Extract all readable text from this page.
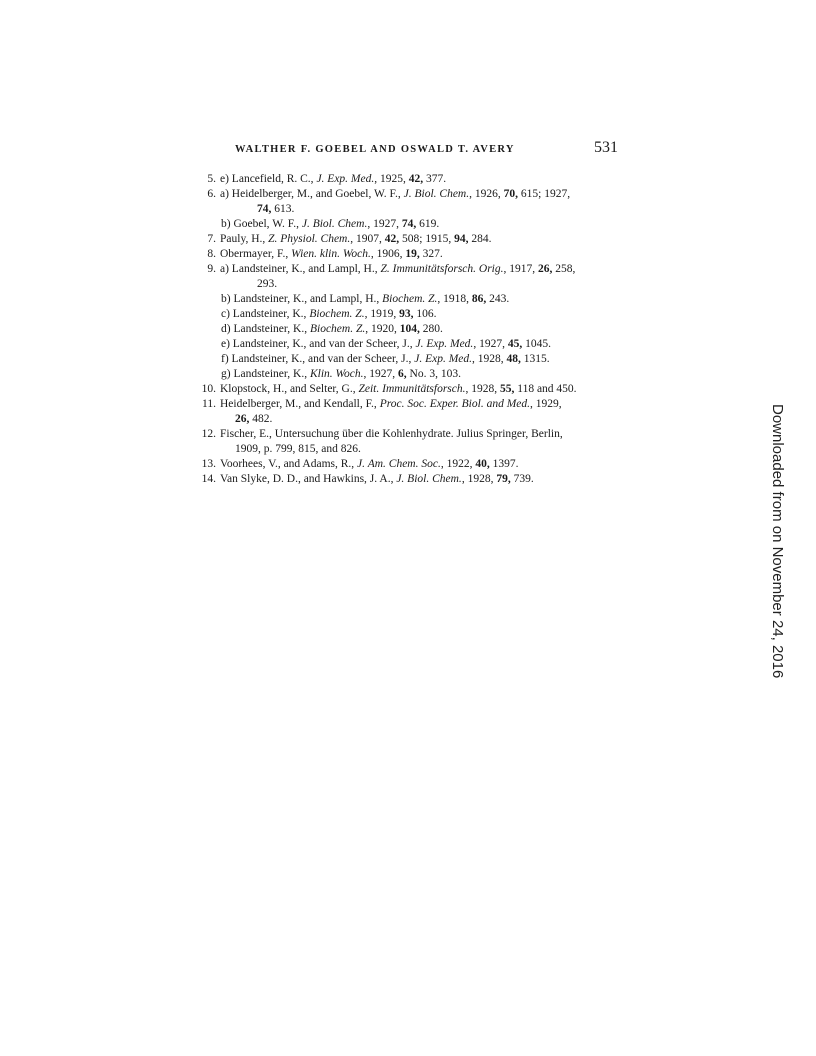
WALTHER F. GOEBEL AND OSWALD T. AVERY	531
5. e) Lancefield, R. C., J. Exp. Med., 1925, 42, 377.
6. a) Heidelberger, M., and Goebel, W. F., J. Biol. Chem., 1926, 70, 615; 1927,
74, 613.
b) Goebel, W. F., J. Biol. Chem., 1927, 74, 619.
7. Pauly, H., Z. Physiol. Chem., 1907, 42, 508; 1915, 94, 284.
8. Obermayer, F., Wien. klin. Woch., 1906, 19, 327.
9. a) Landsteiner, K., and Lampl, H., Z. Immunitätsforsch. Orig., 1917, 26, 258,
293.
b) Landsteiner, K., and Lampl, H., Biochem. Z., 1918, 86, 243.
c) Landsteiner, K., Biochem. Z., 1919, 93, 106.
d) Landsteiner, K., Biochem. Z., 1920, 104, 280.
e) Landsteiner, K., and van der Scheer, J., J. Exp. Med., 1927, 45, 1045.
f) Landsteiner, K., and van der Scheer, J., J. Exp. Med., 1928, 48, 1315.
g) Landsteiner, K., Klin. Woch., 1927, 6, No. 3, 103.
10. Klopstock, H., and Selter, G., Zeit. Immunitätsforsch., 1928, 55, 118 and 450.
11. Heidelberger, M., and Kendall, F., Proc. Soc. Exper. Biol. and Med., 1929,
26, 482.
12. Fischer, E., Untersuchung über die Kohlenhydrate. Julius Springer, Berlin,
1909, p. 799, 815, and 826.
13. Voorhees, V., and Adams, R., J. Am. Chem. Soc., 1922, 40, 1397.
14. Van Slyke, D. D., and Hawkins, J. A., J. Biol. Chem., 1928, 79, 739.	Downloaded from on November 24, 2016
